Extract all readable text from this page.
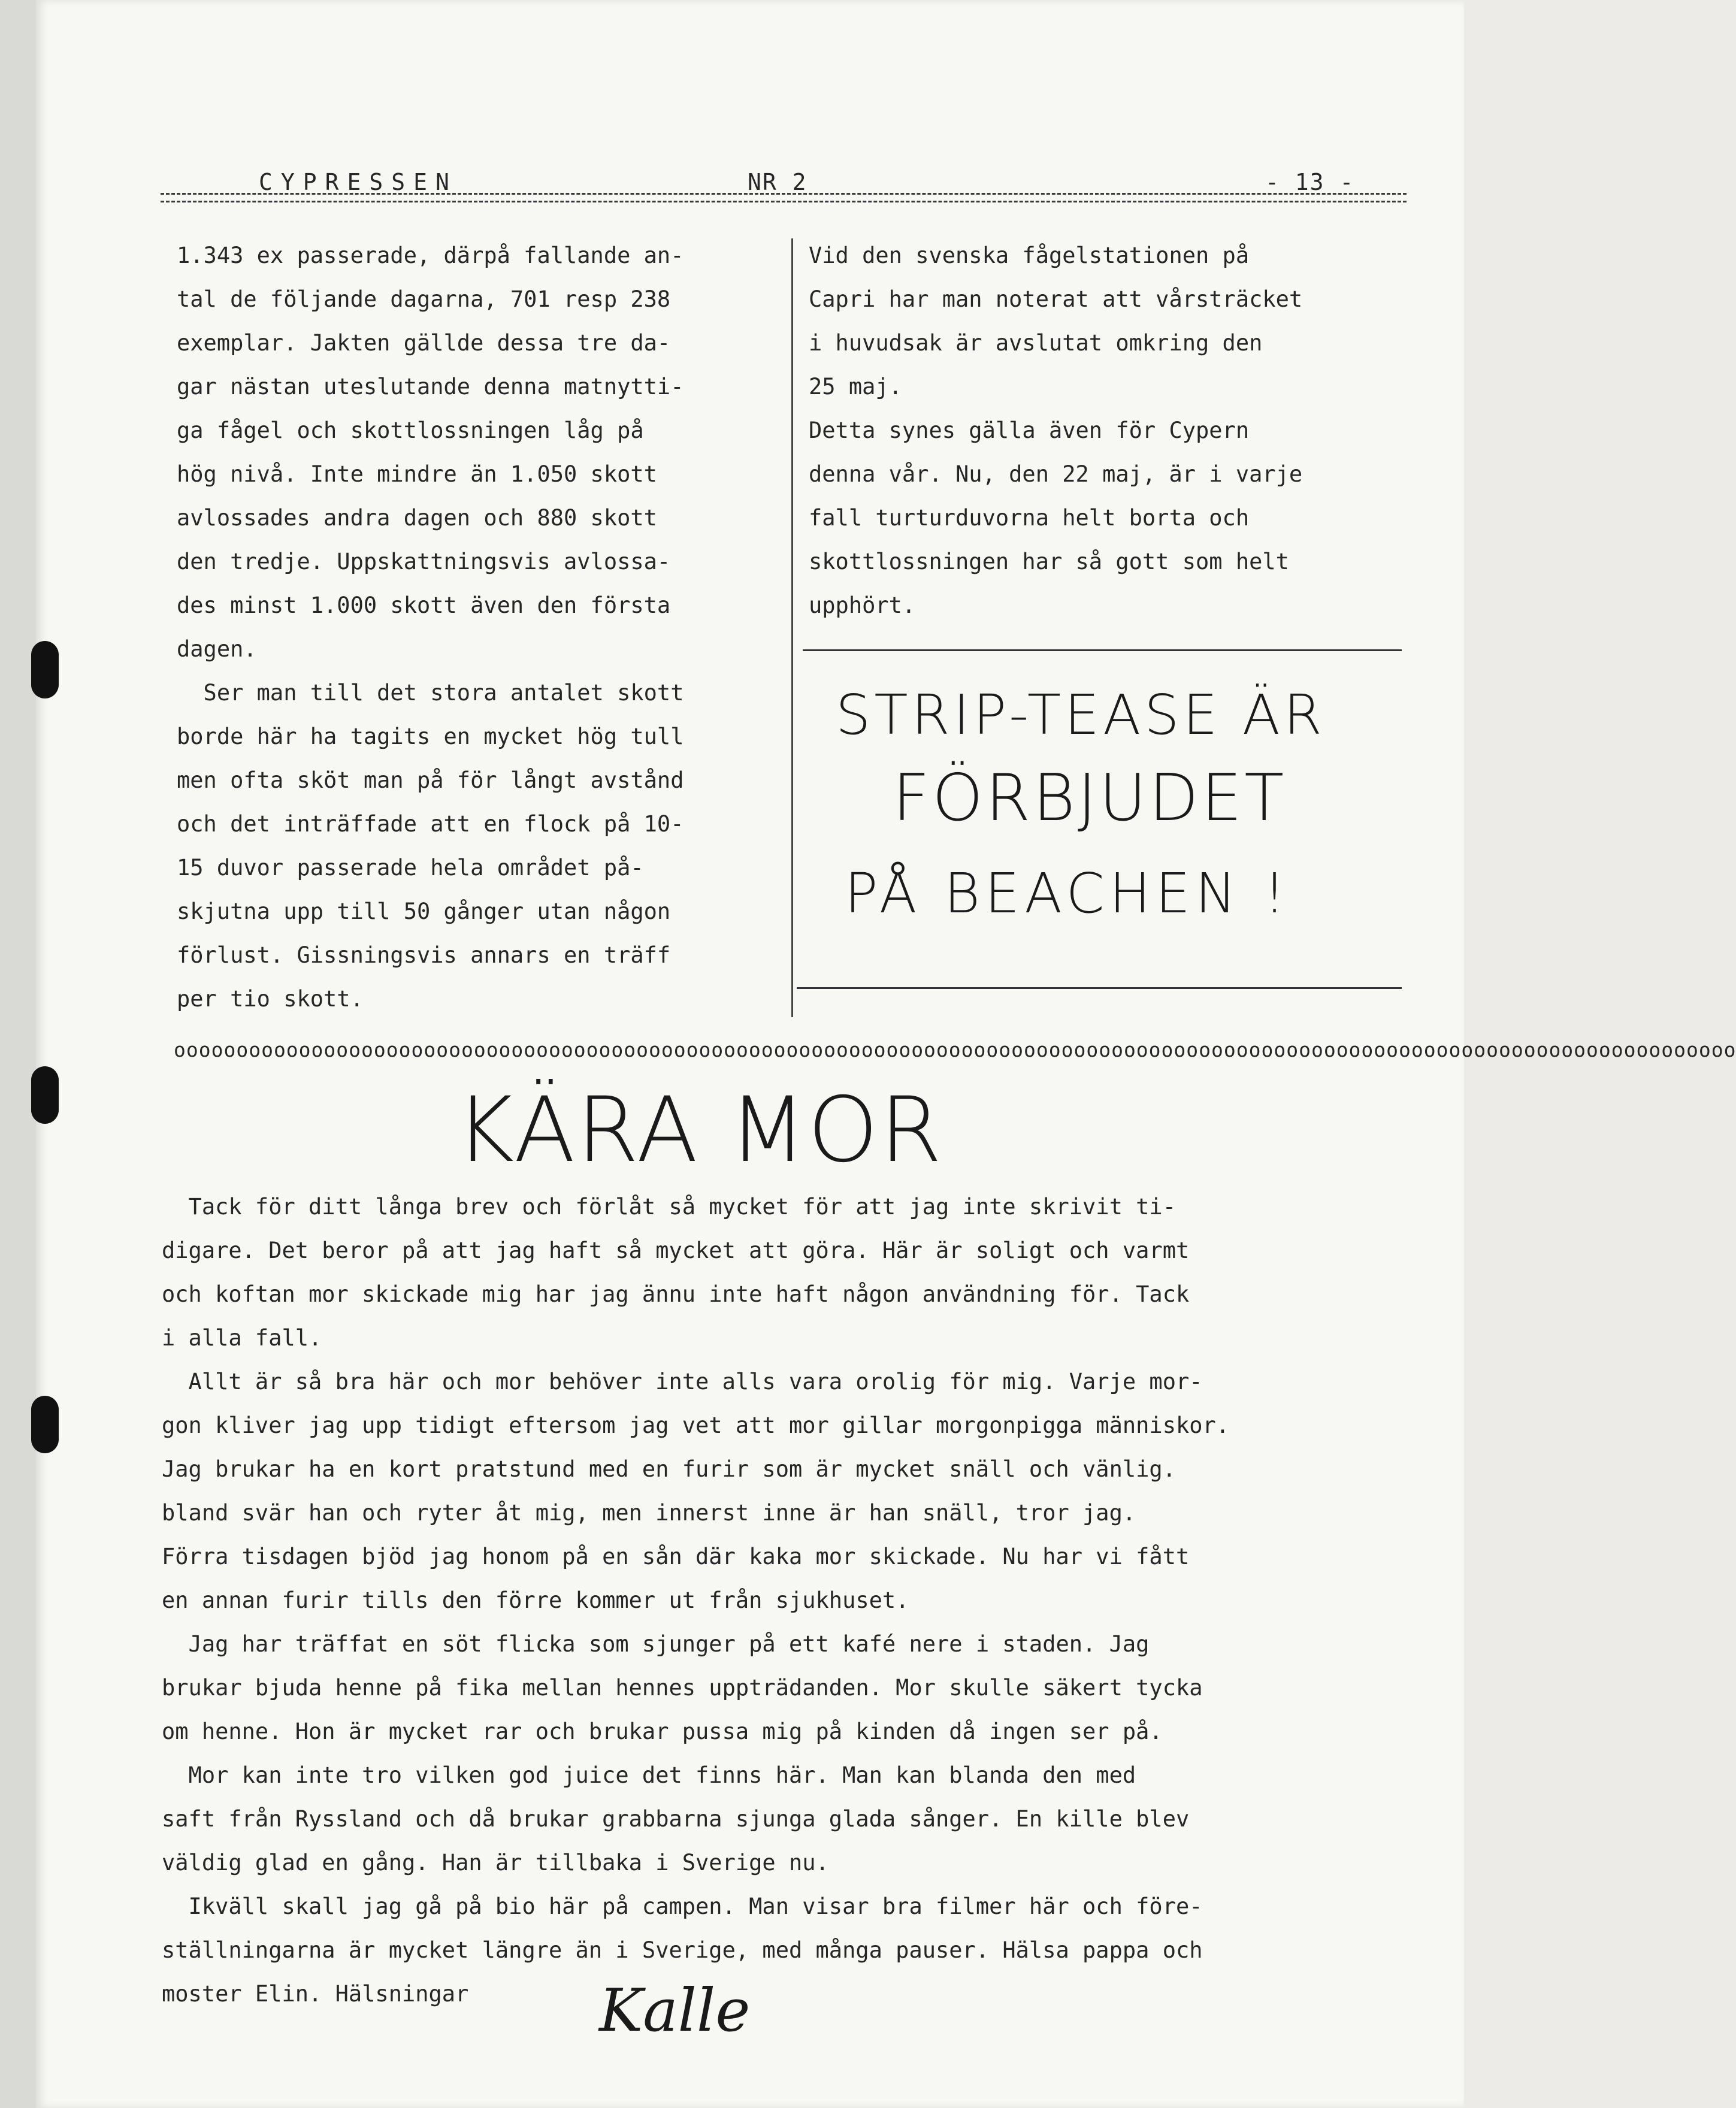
CYPRESSEN	NR 2	- 13 -
1.343 ex passerade, därpå fallande an-
tal de följande dagarna, 701 resp 238
exemplar. Jakten gällde dessa tre da-
gar nästan uteslutande denna matnytti-
ga fågel och skottlossningen låg på
hög nivå. Inte mindre än 1.050 skott
avlossades andra dagen och 880 skott
den tredje. Uppskattningsvis avlossa-
des minst 1.000 skott även den första
dagen.
Ser man till det stora antalet skott
borde här ha tagits en mycket hög tull
men ofta sköt man på för långt avstånd
och det inträffade att en flock på 10-
15 duvor passerade hela området på-
skjutna upp till 50 gånger utan någon
förlust. Gissningsvis annars en träff
per tio skott.
Vid den svenska fågelstationen på
Capri har man noterat att vårsträcket
i huvudsak är avslutat omkring den
25 maj.
Detta synes gälla även för Cypern
denna vår. Nu, den 22 maj, är i varje
fall turturduvorna helt borta och
skottlossningen har så gott som helt
upphört.
STRIP-TEASE ÄR
FÖRBJUDET
PÅ BEACHEN !
ooooooooooooooooooooooooooooooooooooooooooooooooooooooooooooooooooooooooooooooooooooooooooooooooooooooooooooooooooooooooooooo
KÄRA MOR
Tack för ditt långa brev och förlåt så mycket för att jag inte skrivit ti-
digare. Det beror på att jag haft så mycket att göra. Här är soligt och varmt
och koftan mor skickade mig har jag ännu inte haft någon användning för. Tack
i alla fall.
Allt är så bra här och mor behöver inte alls vara orolig för mig. Varje mor-
gon kliver jag upp tidigt eftersom jag vet att mor gillar morgonpigga människor.
Jag brukar ha en kort pratstund med en furir som är mycket snäll och vänlig.
bland svär han och ryter åt mig, men innerst inne är han snäll, tror jag.
Förra tisdagen bjöd jag honom på en sån där kaka mor skickade. Nu har vi fått
en annan furir tills den förre kommer ut från sjukhuset.
Jag har träffat en söt flicka som sjunger på ett kafé nere i staden. Jag
brukar bjuda henne på fika mellan hennes uppträdanden. Mor skulle säkert tycka
om henne. Hon är mycket rar och brukar pussa mig på kinden då ingen ser på.
Mor kan inte tro vilken god juice det finns här. Man kan blanda den med
saft från Ryssland och då brukar grabbarna sjunga glada sånger. En kille blev
väldig glad en gång. Han är tillbaka i Sverige nu.
Ikväll skall jag gå på bio här på campen. Man visar bra filmer här och före-
ställningarna är mycket längre än i Sverige, med många pauser. Hälsa pappa och
moster Elin. Hälsningar	Kalle
